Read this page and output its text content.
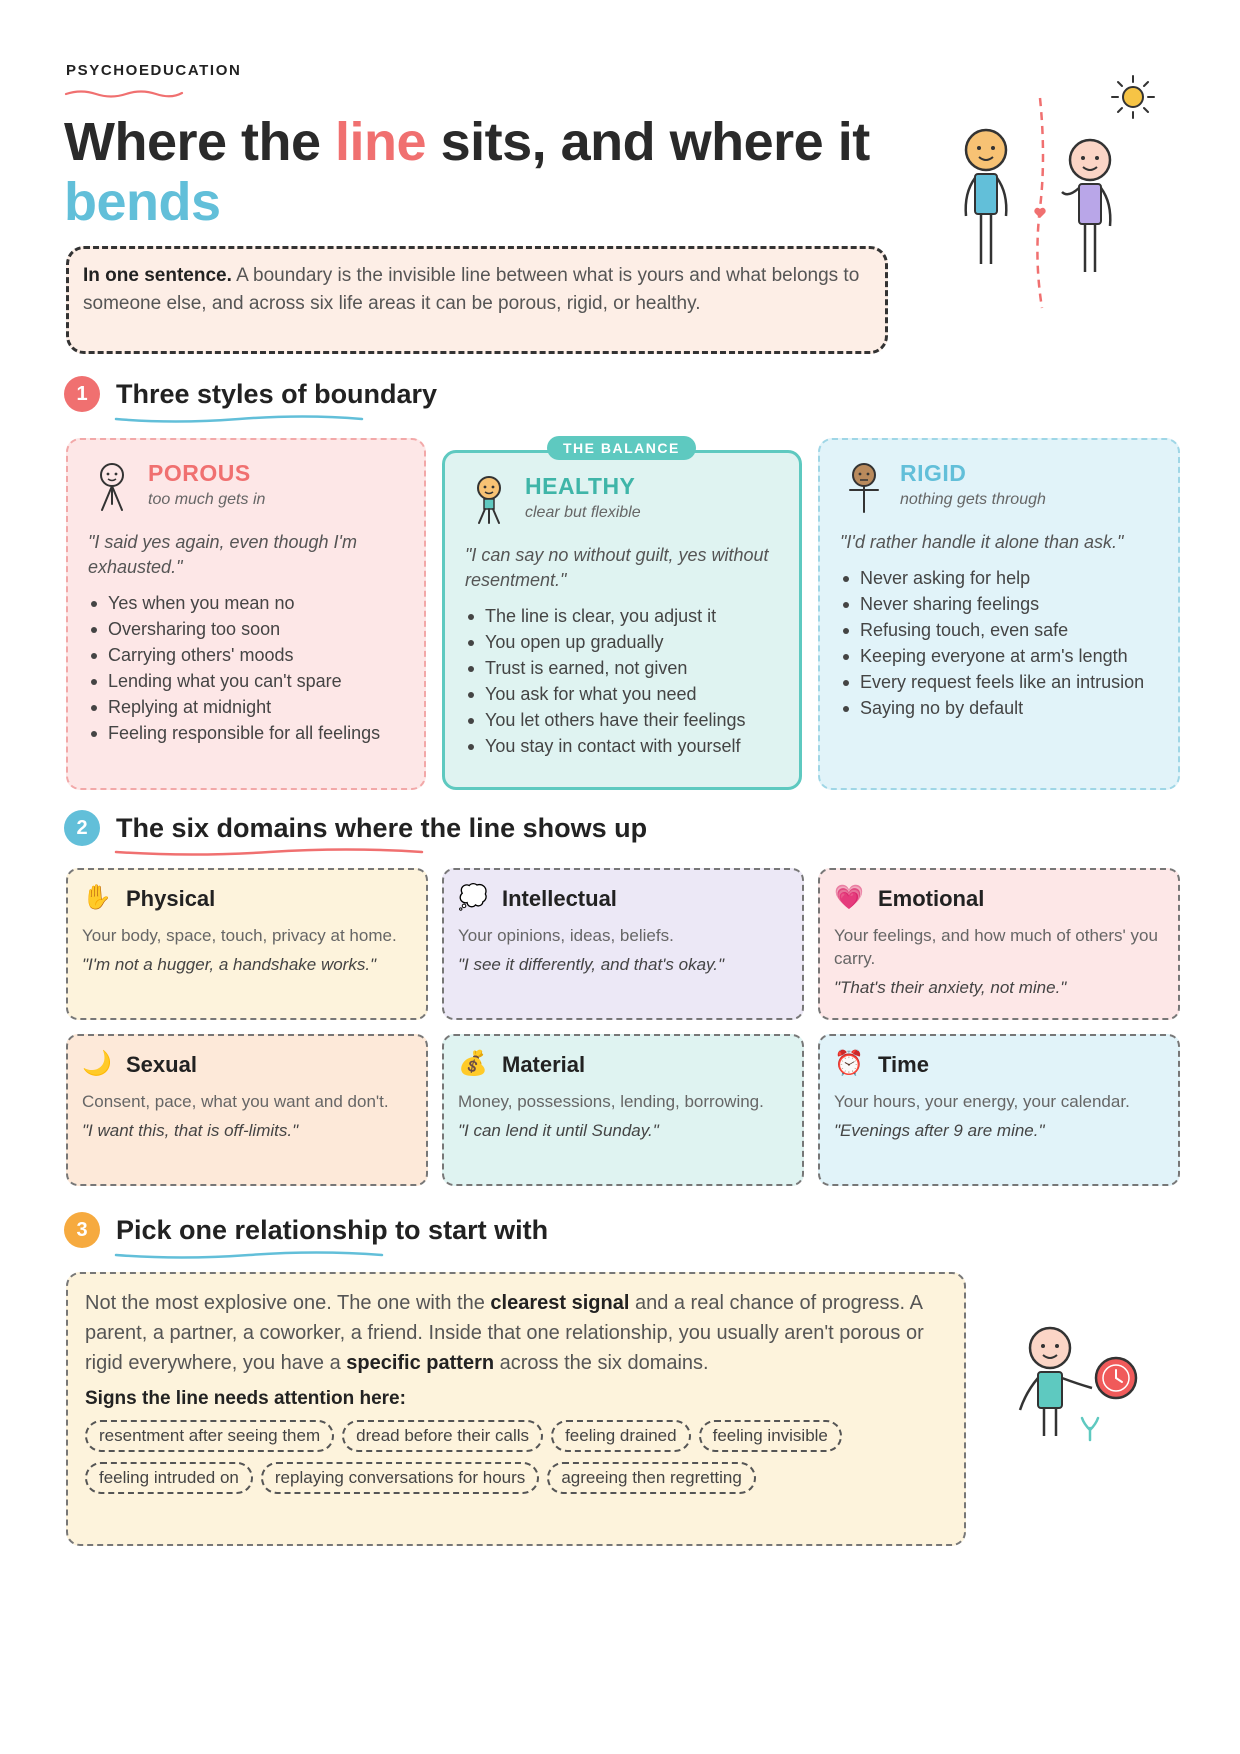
PSYCHOEDUCATION
Where the line sits, and where it bends
In one sentence. A boundary is the invisible line between what is yours and what belongs to someone else, and across six life areas it can be porous, rigid, or healthy.
1	Three styles of boundary
POROUS
too much gets in
"I said yes again, even though I'm exhausted."
Yes when you mean no
Oversharing too soon
Carrying others' moods
Lending what you can't spare
Replying at midnight
Feeling responsible for all feelings
THE BALANCE
HEALTHY
clear but flexible
"I can say no without guilt, yes without resentment."
The line is clear, you adjust it
You open up gradually
Trust is earned, not given
You ask for what you need
You let others have their feelings
You stay in contact with yourself
RIGID
nothing gets through
"I'd rather handle it alone than ask."
Never asking for help
Never sharing feelings
Refusing touch, even safe
Keeping everyone at arm's length
Every request feels like an intrusion
Saying no by default
2	The six domains where the line shows up
✋ Physical
Your body, space, touch, privacy at home.
"I'm not a hugger, a handshake works."
💭 Intellectual
Your opinions, ideas, beliefs.
"I see it differently, and that's okay."
💗 Emotional
Your feelings, and how much of others' you carry.
"That's their anxiety, not mine."
🌙 Sexual
Consent, pace, what you want and don't.
"I want this, that is off-limits."
💰 Material
Money, possessions, lending, borrowing.
"I can lend it until Sunday."
⏰ Time
Your hours, your energy, your calendar.
"Evenings after 9 are mine."
3	Pick one relationship to start with
Not the most explosive one. The one with the clearest signal and a real chance of progress. A parent, a partner, a coworker, a friend. Inside that one relationship, you usually aren't porous or rigid everywhere, you have a specific pattern across the six domains.
Signs the line needs attention here:
resentment after seeing them	dread before their calls	feeling drained	feeling invisible
feeling intruded on	replaying conversations for hours	agreeing then regretting
